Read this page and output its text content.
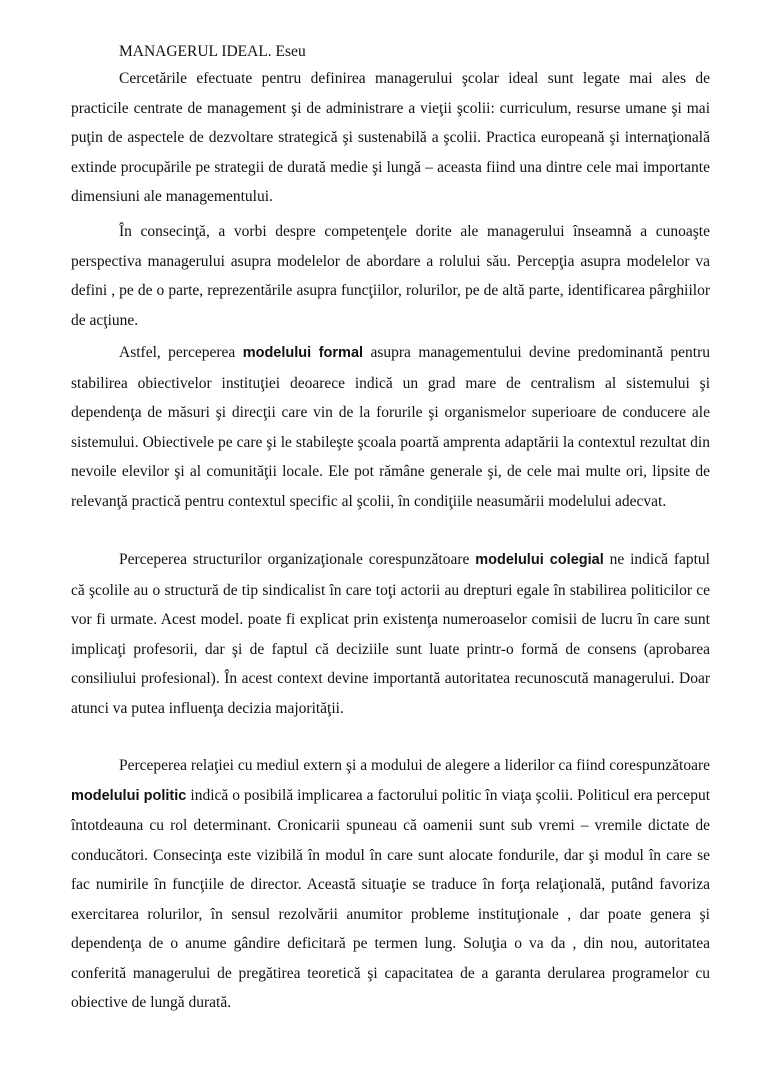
MANAGERUL IDEAL. Eseu

Cercetările efectuate pentru definirea managerului şcolar ideal sunt legate mai ales de practicile centrate de management şi de administrare a vieţii şcolii: curriculum, resurse umane şi mai puţin de aspectele de dezvoltare strategică şi sustenabilă a şcolii. Practica europeană şi internaţională extinde procupările pe strategii de durată medie şi lungă – aceasta fiind una dintre cele mai importante dimensiuni ale managementului.

În consecinţă, a vorbi despre competenţele dorite ale managerului înseamnă a cunoaşte perspectiva managerului asupra modelelor de abordare a rolului său. Percepţia asupra modelelor va defini , pe de o parte, reprezentările asupra funcţiilor, rolurilor, pe de altă parte, identificarea pârghiilor de acţiune.

Astfel, perceperea modelului formal asupra managementului devine predominantă pentru stabilirea obiectivelor instituţiei deoarece indică un grad mare de centralism al sistemului şi dependenţa de măsuri şi direcţii care vin de la forurile şi organismelor superioare de conducere ale sistemului. Obiectivele pe care şi le stabileşte şcoala poartă amprenta adaptării la contextul rezultat din nevoile elevilor şi al comunităţii locale. Ele pot rămâne generale şi, de cele mai multe ori, lipsite de relevanţă practică pentru contextul specific al şcolii, în condiţiile neasumării modelului adecvat.

Perceperea structurilor organizaţionale corespunzătoare modelului colegial ne indică faptul că şcolile au o structură de tip sindicalist în care toţi actorii au drepturi egale în stabilirea politicilor ce vor fi urmate. Acest model. poate fi explicat prin existenţa numeroaselor comisii de lucru în care sunt implicaţi profesorii, dar şi de faptul că deciziile sunt luate printr-o formă de consens (aprobarea consiliului profesional). În acest context devine importantă autoritatea recunoscută managerului. Doar atunci va putea influenţa decizia majorităţii.

Perceperea relaţiei cu mediul extern şi a modului de alegere a liderilor ca fiind corespunzătoare modelului politic indică o posibilă implicarea a factorului politic în viaţa şcolii. Politicul era perceput întotdeauna cu rol determinant. Cronicarii spuneau că oamenii sunt sub vremi – vremile dictate de conducători. Consecinţa este vizibilă în modul în care sunt alocate fondurile, dar şi modul în care se fac numirile în funcţiile de director. Această situaţie se traduce în forţa relaţională, putând favoriza exercitarea rolurilor, în sensul rezolvării anumitor probleme instituţionale , dar poate genera şi dependenţa de o anume gândire deficitară pe termen lung. Soluţia o va da , din nou, autoritatea conferită managerului de pregătirea teoretică şi capacitatea de a garanta derularea programelor cu obiective de lungă durată.
